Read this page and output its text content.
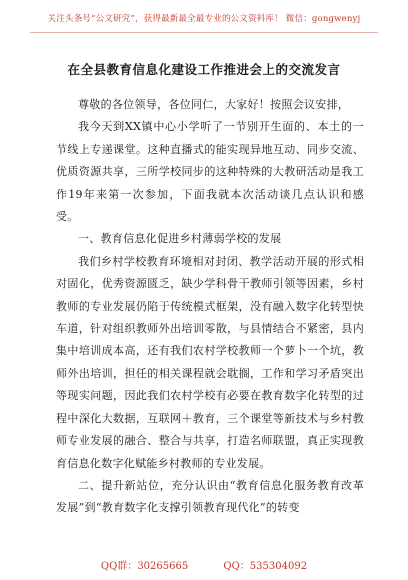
关注头条号“公文研究”，获得最新最全最专业的公文资料库！ 微信：gongwenyj
在全县教育信息化建设工作推进会上的交流发言

尊敬的各位领导，各位同仁，大家好！按照会议安排，

我今天到XX镇中心小学听了一节别开生面的、本土的一节线上专递课堂。这种直播式的能实现异地互动、同步交流、优质资源共享，三所学校同步的这种特殊的大教研活动是我工作19年来第一次参加，下面我就本次活动谈几点认识和感受。

一、教育信息化促进乡村薄弱学校的发展

我们乡村学校教育环境相对封闭、教学活动开展的形式相对固化，优秀资源匮乏，缺少学科骨干教师引领等因素，乡村教师的专业发展仍陷于传统模式框架，没有融入数字化转型快车道，针对组织教师外出培训零散，与县情结合不紧密，县内集中培训成本高，还有我们农村学校教师一个萝卜一个坑，教师外出培训，担任的相关课程就会耽搁，工作和学习矛盾突出等现实问题，因此我们农村学校有必要在教育数字化转型的过程中深化大数据，互联网＋教育，三个课堂等新技术与乡村教师专业发展的融合、整合与共享，打造名师联盟，真正实现教育信息化数字化赋能乡村教师的专业发展。

二、提升新站位，充分认识由“教育信息化服务教育改革发展”到“教育数字化支撑引领教育现代化”的转变

QQ群：30265665	QQ：535304092
